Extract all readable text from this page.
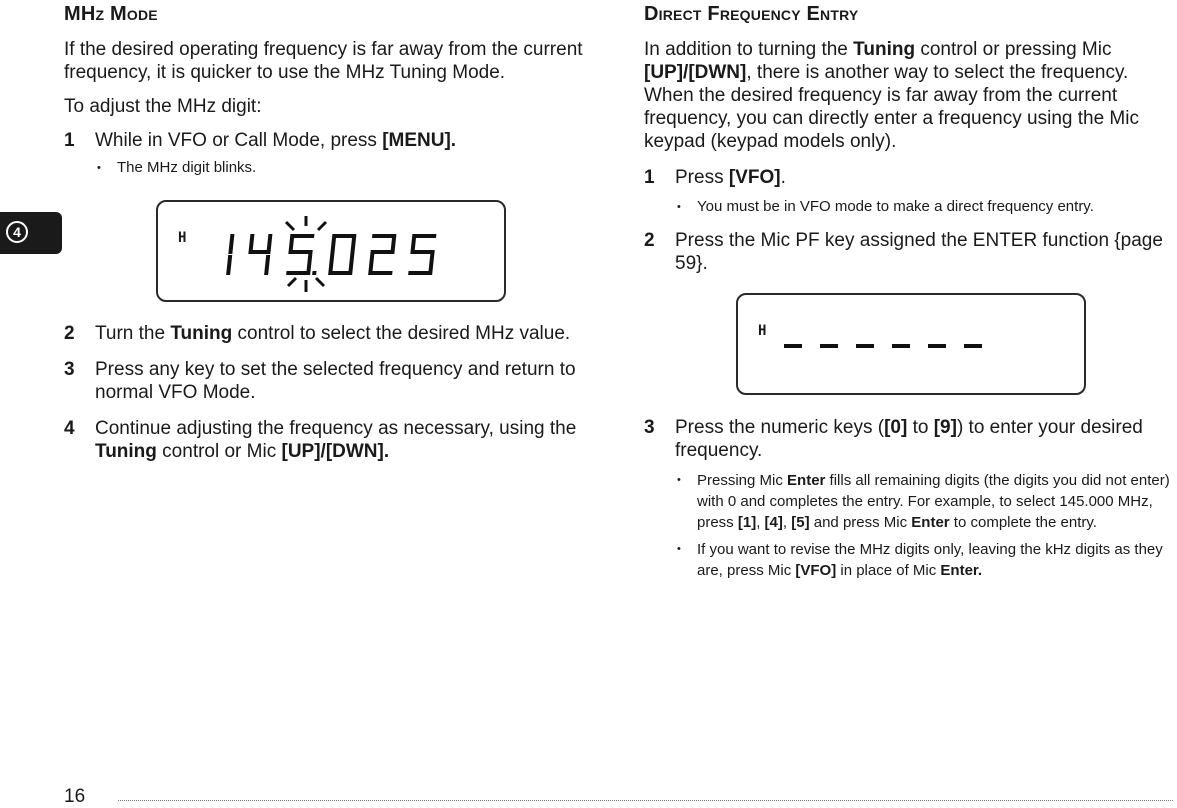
4
MHz Mode

If the desired operating frequency is far away from the current frequency, it is quicker to use the MHz Tuning Mode.

To adjust the MHz digit:

1 While in VFO or Call Mode, press [MENU].
• The MHz digit blinks.
H
2 Turn the Tuning control to select the desired MHz value.
3 Press any key to set the selected frequency and return to normal VFO Mode.
4 Continue adjusting the frequency as necessary, using the Tuning control or Mic [UP]/[DWN].
Direct Frequency Entry

In addition to turning the Tuning control or pressing Mic [UP]/[DWN], there is another way to select the frequency. When the desired frequency is far away from the current frequency, you can directly enter a frequency using the Mic keypad (keypad models only).

1 Press [VFO].
• You must be in VFO mode to make a direct frequency entry.
2 Press the Mic PF key assigned the ENTER function {page 59}.
H
3 Press the numeric keys ([0] to [9]) to enter your desired frequency.
• Pressing Mic Enter fills all remaining digits (the digits you did not enter) with 0 and completes the entry. For example, to select 145.000 MHz, press [1], [4], [5] and press Mic Enter to complete the entry.
• If you want to revise the MHz digits only, leaving the kHz digits as they are, press Mic [VFO] in place of Mic Enter.
16
